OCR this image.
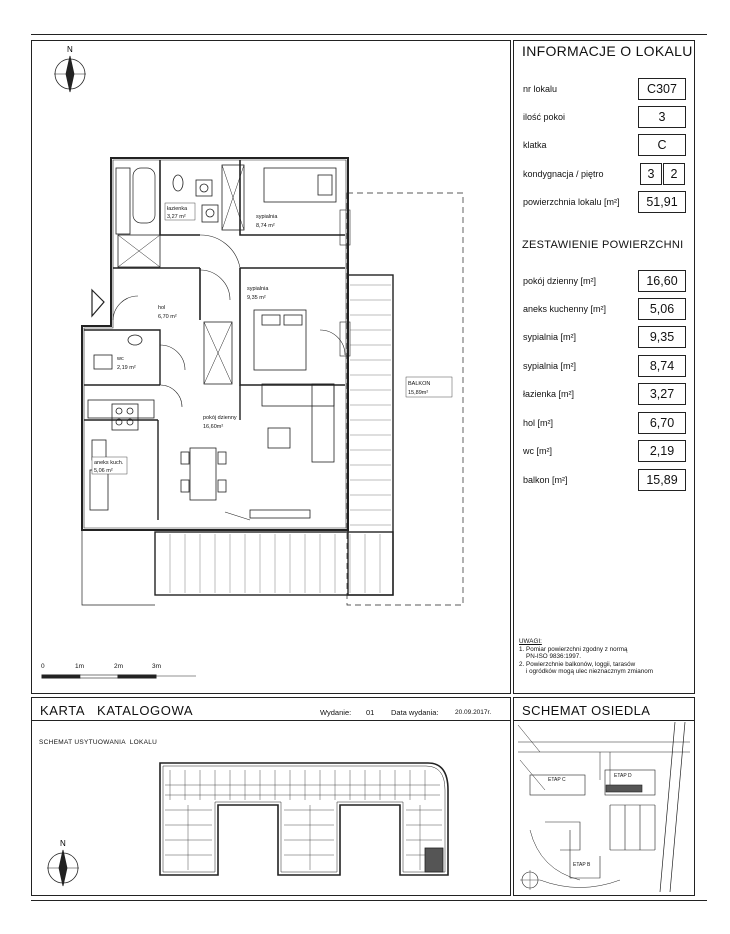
łazienka
3,27 m²	sypialnia
8,74 m²
sypialnia
9,35 m²
hol
6,70 m²
wc
2,19 m²
pokój dzienny
16,60m²
aneks kuch.
5,06 m²
BALKON
15,89m²
N
0	1m	2m	3m
INFORMACJE O LOKALU
nr lokalu	C307
ilość pokoi	3
klatka	C
kondygnacja / piętro	3	2
powierzchnia lokalu [m²]	51,91
ZESTAWIENIE POWIERZCHNI
pokój dzienny [m²]	16,60
aneks kuchenny [m²]	5,06
sypialnia [m²]	9,35
sypialnia [m²]	8,74
łazienka [m²]	3,27
hol [m²]	6,70
wc [m²]	2,19
balkon [m²]	15,89
UWAGI:
1. Pomiar powierzchni zgodny z normą
PN-ISO 9836:1997.
2. Powierzchnie balkonów, loggii, tarasów
i ogródków mogą ulec nieznacznym zmianom
KARTA   KATALOGOWA	Wydanie: 01 Data wydania:	20.09.2017r. SCHEMAT OSIEDLA
SCHEMAT USYTUOWANIA  LOKALU
N
ETAP C
ETAP D
ETAP B
